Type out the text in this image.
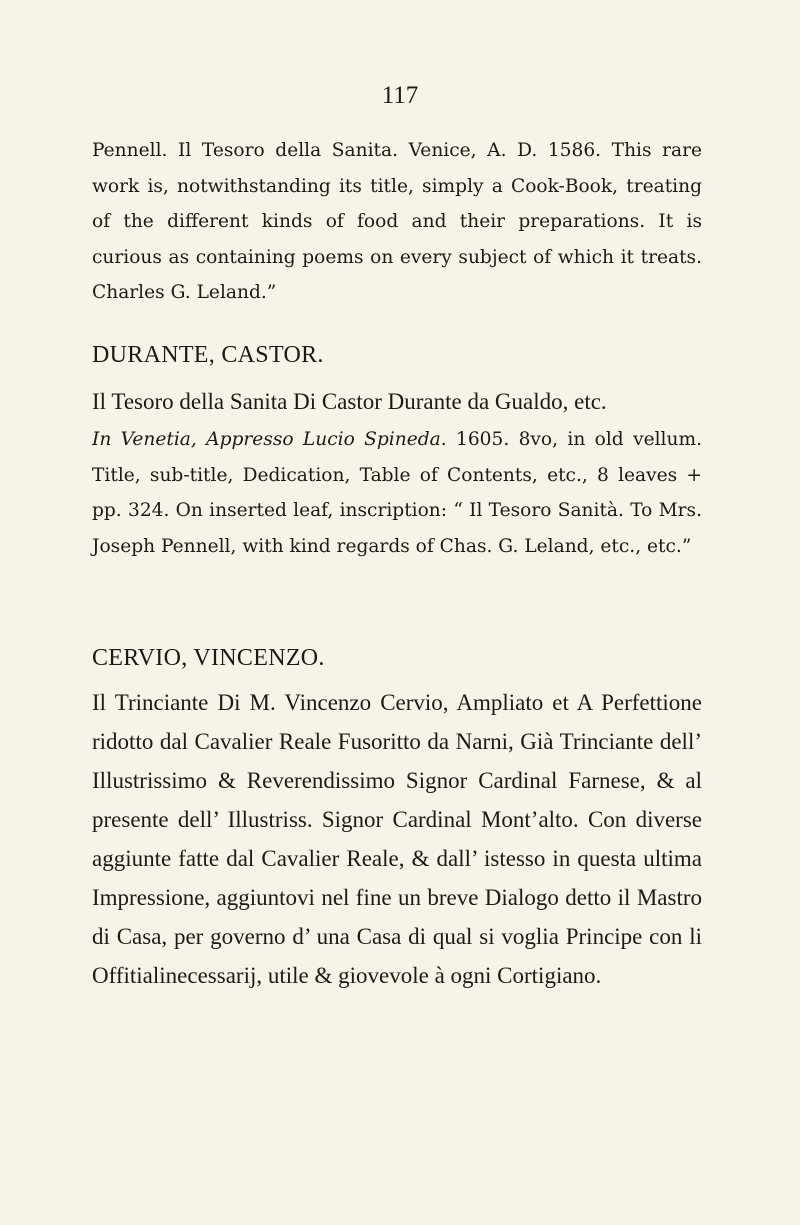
117

Pennell. Il Tesoro della Sanita. Venice, A. D. 1586. This rare work is, notwithstanding its title, simply a Cook-Book, treating of the different kinds of food and their preparations. It is curious as containing poems on every subject of which it treats. Charles G. Leland.”

DURANTE, CASTOR.
Il Tesoro della Sanita Di Castor Durante da Gualdo, etc.

In Venetia, Appresso Lucio Spineda. 1605. 8vo, in old vellum. Title, sub-title, Dedication, Table of Contents, etc., 8 leaves + pp. 324. On inserted leaf, inscription: “ Il Tesoro Sanità. To Mrs. Joseph Pennell, with kind regards of Chas. G. Leland, etc., etc.”

CERVIO, VINCENZO.

Il Trinciante Di M. Vincenzo Cervio, Ampliato et A Perfettione ridotto dal Cavalier Reale Fusoritto da Narni, Già Trinciante dell’ Illustrissimo & Reverendissimo Signor Cardinal Farnese, & al presente dell’ Illustriss. Signor Cardinal Mont’alto. Con diverse aggiunte fatte dal Cavalier Reale, & dall’ istesso in questa ultima Impressione, aggiuntovi nel fine un breve Dialogo detto il Mastro di Casa, per governo d’ una Casa di qual si voglia Principe con li Offitialinecessarij, utile & giovevole à ogni Cortigiano.
